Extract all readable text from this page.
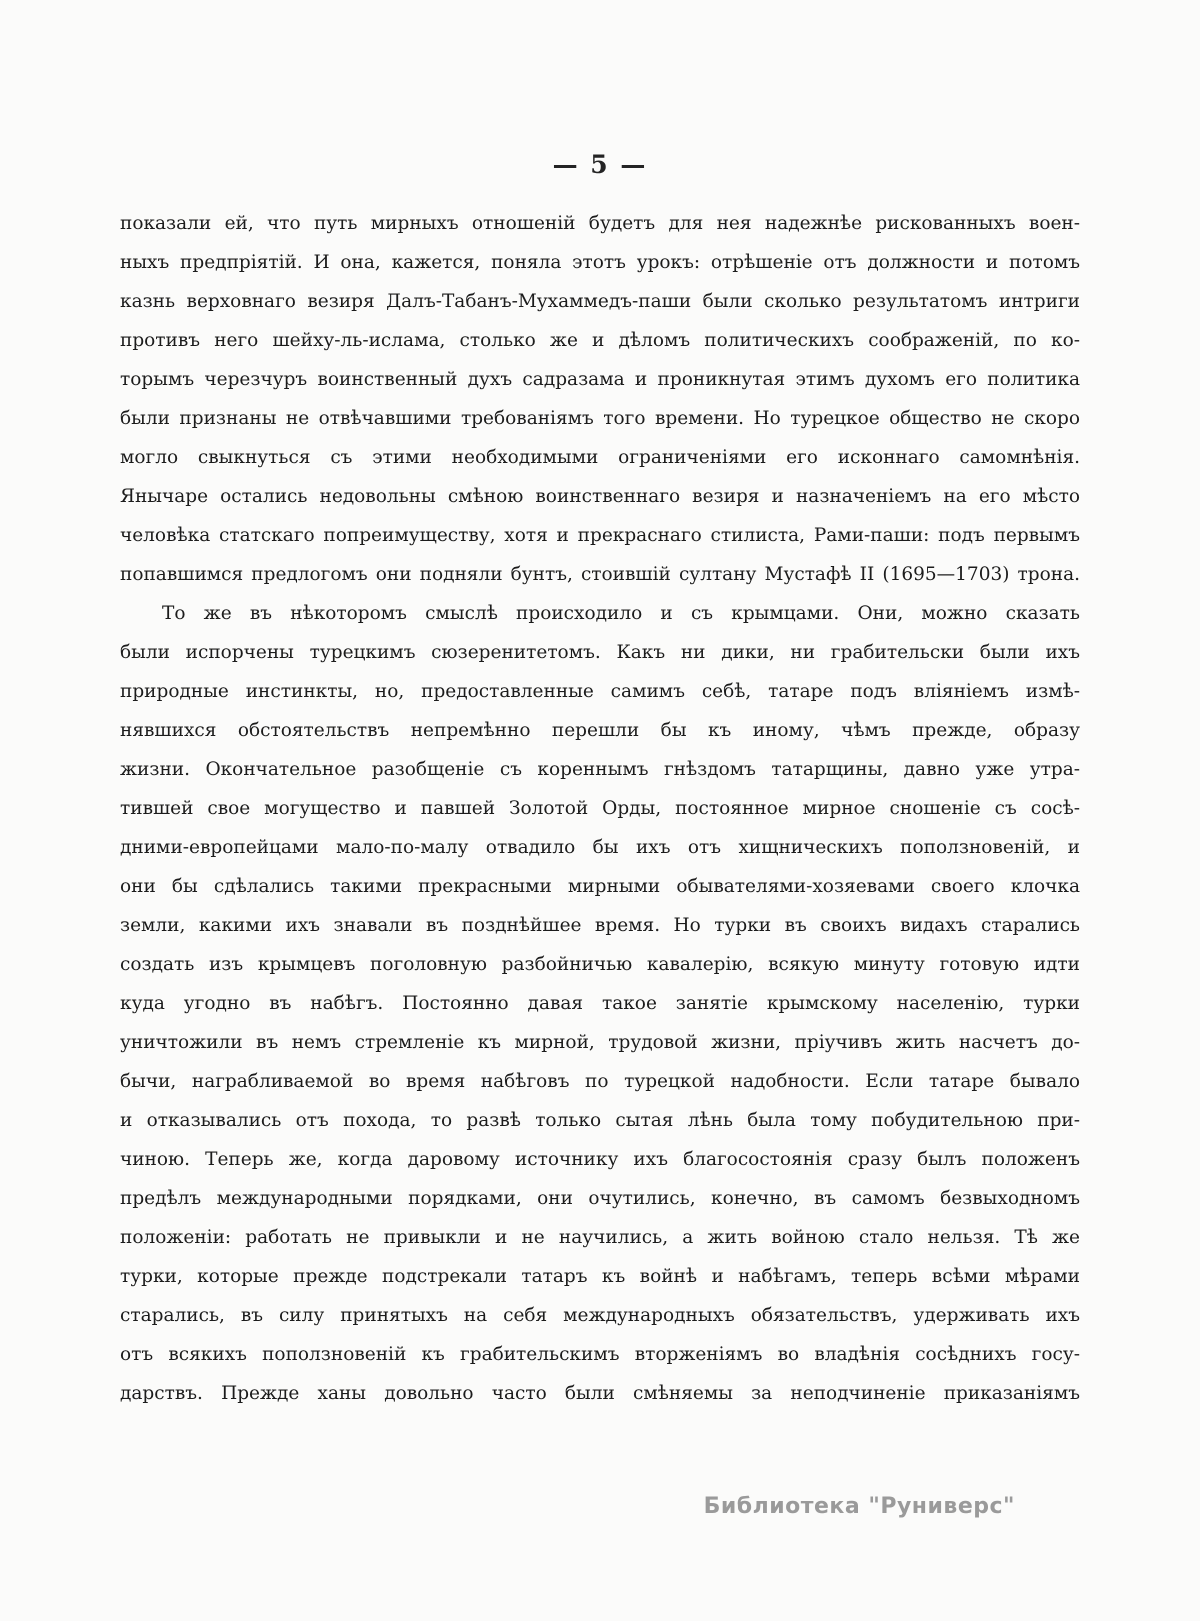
— 5 —
показали ей, что путь мирныхъ отношеній будетъ для нея надежнѣе рискованныхъ воен-
ныхъ предпріятій. И она, кажется, поняла этотъ урокъ: отрѣшеніе отъ должности и потомъ
казнь верховнаго везиря Далъ-Табанъ-Мухаммедъ-паши были сколько результатомъ интриги
противъ него шейху-ль-ислама, столько же и дѣломъ политическихъ соображеній, по ко-
торымъ черезчуръ воинственный духъ садразама и проникнутая этимъ духомъ его политика
были признаны не отвѣчавшими требованіямъ того времени. Но турецкое общество не скоро
могло свыкнуться съ этими необходимыми ограниченіями его исконнаго самомнѣнія.
Янычаре остались недовольны смѣною воинственнаго везиря и назначеніемъ на его мѣсто
человѣка статскаго попреимуществу, хотя и прекраснаго стилиста, Рами-паши: подъ первымъ
попавшимся предлогомъ они подняли бунтъ, стоившій султану Мустафѣ II (1695—1703) трона.
То же въ нѣкоторомъ смыслѣ происходило и съ крымцами. Они, можно сказать
были испорчены турецкимъ сюзеренитетомъ. Какъ ни дики, ни грабительски были ихъ
природные инстинкты, но, предоставленные самимъ себѣ, татаре подъ вліяніемъ измѣ-
нявшихся обстоятельствъ непремѣнно перешли бы къ иному, чѣмъ прежде, образу
жизни. Окончательное разобщеніе съ кореннымъ гнѣздомъ татарщины, давно уже утра-
тившей свое могущество и павшей Золотой Орды, постоянное мирное сношеніе съ сосѣ-
дними-европейцами мало-по-малу отвадило бы ихъ отъ хищническихъ поползновеній, и
они бы сдѣлались такими прекрасными мирными обывателями-хозяевами своего клочка
земли, какими ихъ знавали въ позднѣйшее время. Но турки въ своихъ видахъ старались
создать изъ крымцевъ поголовную разбойничью кавалерію, всякую минуту готовую идти
куда угодно въ набѣгъ. Постоянно давая такое занятіе крымскому населенію, турки
уничтожили въ немъ стремленіе къ мирной, трудовой жизни, пріучивъ жить насчетъ до-
бычи, награбливаемой во время набѣговъ по турецкой надобности. Если татаре бывало
и отказывались отъ похода, то развѣ только сытая лѣнь была тому побудительною при-
чиною. Теперь же, когда даровому источнику ихъ благосостоянія сразу былъ положенъ
предѣлъ международными порядками, они очутились, конечно, въ самомъ безвыходномъ
положеніи: работать не привыкли и не научились, а жить войною стало нельзя. Тѣ же
турки, которые прежде подстрекали татаръ къ войнѣ и набѣгамъ, теперь всѣми мѣрами
старались, въ силу принятыхъ на себя международныхъ обязательствъ, удерживать ихъ
отъ всякихъ поползновеній къ грабительскимъ вторженіямъ во владѣнія сосѣднихъ госу-
дарствъ. Прежде ханы довольно часто были смѣняемы за неподчиненіе приказаніямъ
Библиотека "Руниверс"
